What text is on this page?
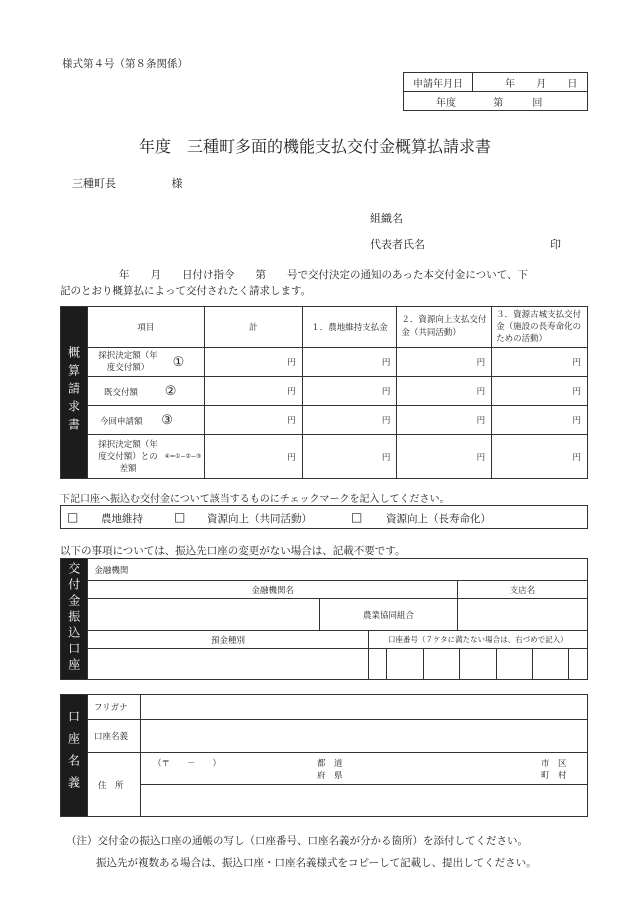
様式第４号（第８条関係）
申請年月日	年 月 日
年度	第	回
年度　三種町多面的機能支払交付金概算払請求書
三種町長	様
組織名
代表者氏名	印
年　　月　　日付け指令　　第　　号で交付決定の通知のあった本交付金について、下
記のとおり概算払によって交付されたく請求します。
概算請求書	項目	計	１．農地維持支払金	２．資源向上支払交付金（共同活動）	３．資源古城支払交付金（施設の長寿命化のための活動）
	採択決定額（年度交付額） ①	円	円	円	円
	既交付額 ②	円	円	円	円
	今回申請額 ③	円	円	円	円
	採択決定額（年度交付額）との差額 ④=①−②−③	円	円	円	円
下記口座へ振込む交付金について該当するものにチェックマークを記入してください。
□ 農地維持	□ 資源向上（共同活動）	□ 資源向上（長寿命化）
以下の事項については、振込先口座の変更がない場合は、記載不要です。
交付金振込口座	金融機関
金融機関名	支店名
	農業協同組合	
預金種別	口座番号（７ケタに満たない場合は、右づめで記入）

口座名義	フリガナ	
	口座名義	
	住　所	（〒　　－　　） 都　道
府　県
市　区
町　村
（注）交付金の振込口座の通帳の写し（口座番号、口座名義が分かる箇所）を添付してください。
振込先が複数ある場合は、振込口座・口座名義様式をコピーして記載し、提出してください。
